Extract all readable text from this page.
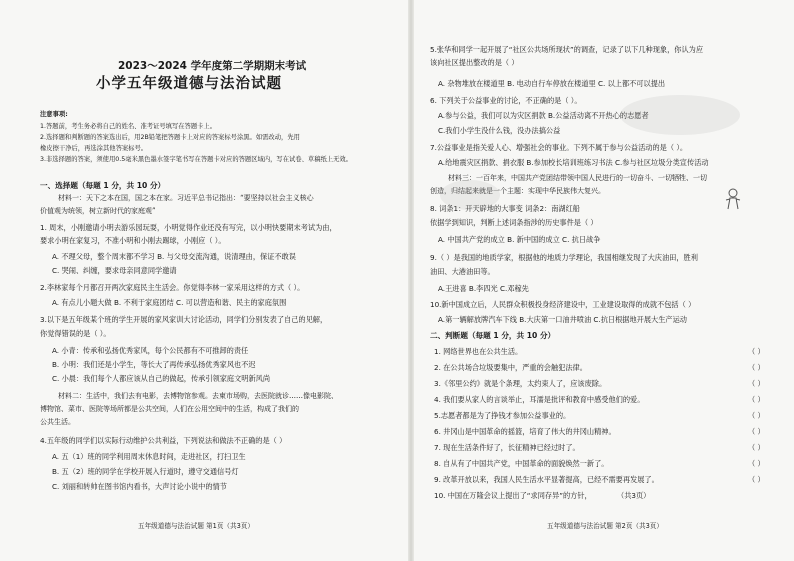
2023～2024 学年度第二学期期末考试
小学五年级道德与法治试题
注意事项:
1.答题前，考生务必将自己的姓名、准考证号填写在答题卡上。
2.选择题和判断题的答案选出后，用2B铅笔把答题卡上对应的答案标号涂黑。如需改动，先用
橡皮擦干净后，再选涂其他答案标号。
3.非选择题的答案，须使用0.5毫米黑色墨水签字笔书写在答题卡对应的答题区域内，写在试卷、草稿纸上无效。
一、选择题（每题 1 分，共 10 分）
材料一：天下之本在国，国之本在家。习近平总书记指出：“要坚持以社会主义核心
价值观为统领，树立新时代的家庭观”
1. 周末，小刚邀请小明去游乐园玩耍，小明觉得作业还没有写完，以小明快要期末考试为由，
要求小明在家复习，不准小明和小刚去踢球，小刚应（ ）。
A. 不理父母，整个周末都不学习 B. 与父母交流沟通，说清理由，保证不敢误
C. 哭闹、纠缠，要求母亲同意同学邀请
2.李林家每个月都召开两次家庭民主生活会。你觉得李林一家采用这样的方式（ ）。
A. 有点儿小题大做 B. 不利于家庭团结 C. 可以营造和谐、民主的家庭氛围
3.以下是五年级某个班的学生开展的家风家训大讨论活动，同学们分别发表了自己的见解，
你觉得错误的是（ ）。
A. 小青：传承和弘扬优秀家风，每个公民都有不可推卸的责任
B. 小明：我们还是小学生，等长大了再传承弘扬优秀家风也不迟
C. 小晨：我们每个人都应该从自己的做起，传承引领家庭文明新风尚
材料二：生活中，我们去有电影，去博物馆参观。去柬市场购，去医院就诊……像电影院、
博物馆、菜市、医院等场所都是公共空间，人们在公用空间中的生活，构成了我们的
公共生活。
4.五年级的同学们以实际行动维护公共利益，下列说法和做法不正确的是（ ）
A. 五（1）班的同学利用周末休息时间，走进社区，打扫卫生
B. 五（2）班的同学在学校开展入行道时，遵守交通信号灯
C. 刘丽和转帅在图书馆内看书，大声讨论小说中的情节
五年级道德与法治试题 第1页（共3页）
5.张华和同学一起开展了“社区公共场所现状”的调查，记录了以下几种现象，你认为应
该向社区提出整改的是（ ）
A. 杂物堆放在楼道里 B. 电动自行车停放在楼道里 C. 以上都不可以提出
6. 下列关于公益事业的讨论，不正确的是（ ）。
A.参与公益，我们可以为灾区捐款 B.公益活动离不开热心的志愿者
C.我们小学生没什么钱，没办法搞公益
7.公益事业是指关爱人心、增强社会的事业。下列不属于参与公益活动的是（ ）。
A.给地震灾区捐款、捐衣服 B.参加校长培训班练习书法 C.参与社区垃圾分类宣传活动
材料三：一百年来，中国共产党团结带领中国人民进行的一切奋斗、一切牺牲、一切
创造，归结起来就是一个主题：实现中华民族伟大复兴。
8. 词条1：开天辟地的大事变 词条2：南湖红船
依据学到知识，判断上述词条指涉的历史事件是（ ）
A. 中国共产党的成立 B. 新中国的成立 C. 抗日战争
9.（ ）是我国的地质学家，根据他的地质力学理论，我国相继发现了大庆油田，胜利
油田、大港油田等。
A.王进喜 B.李四光 C.邓稼先
10.新中国成立后，人民群众积极投身经济建设中，工业建设取得的成就不包括（ ）
A.第一辆解放牌汽车下线 B.大庆第一口油井喷油 C.抗日根据地开展大生产运动
二、判断题（每题 1 分，共 10 分）
1. 网络世界也在公共生活。	（ ）
2. 在公共场合垃圾要集中，严重的会触犯法律。	（ ）
3.《邻里公约》就是个条理，太约束人了，应该废除。	（ ）
4. 我们要从家人的言谈举止，耳濡是批评和教育中感受他们的爱。	（ ）
5.志愿者都是为了挣钱才参加公益事业的。	（ ）
6. 井冈山是中国革命的摇篮，培育了伟大的井冈山精神。	（ ）
7. 现在生活条件好了，长征精神已经过时了。	（ ）
8. 自从有了中国共产党，中国革命的面貌焕然一新了。	（ ）
9. 改革开放以来，我国人民生活水平显著提高，已经不需要再发展了。	（ ）
10. 中国在万隆会议上提出了“求同存异”的方针，	（共3页）
五年级道德与法治试题 第2页（共3页）
